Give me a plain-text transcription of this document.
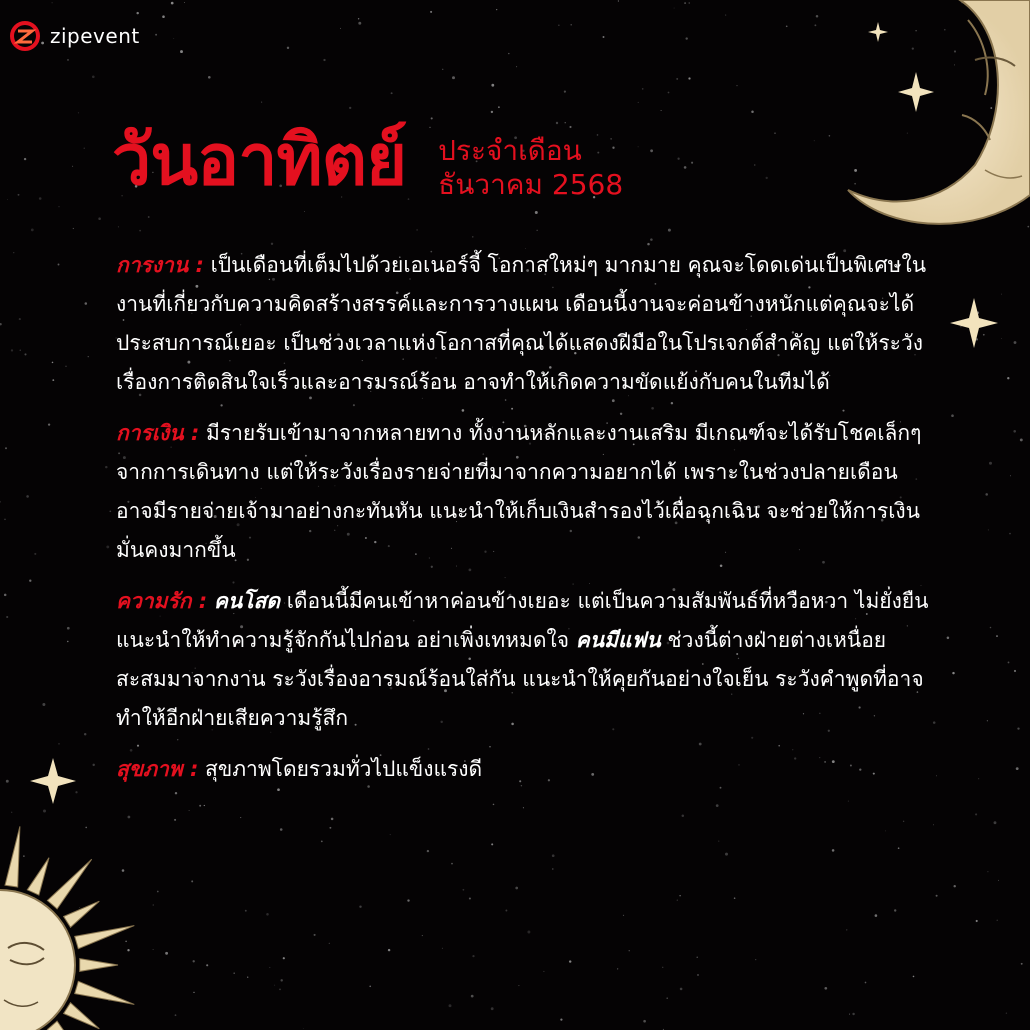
zipevent
วันอาทิตย์ ประจำเดือน
ธันวาคม 2568

การงาน : เป็นเดือนที่เต็มไปด้วยเอเนอร์จี้ โอกาสใหม่ๆ มากมาย คุณจะโดดเด่นเป็นพิเศษในงานที่เกี่ยวกับความคิดสร้างสรรค์และการวางแผน เดือนนี้งานจะค่อนข้างหนักแต่คุณจะได้ประสบการณ์เยอะ เป็นช่วงเวลาแห่งโอกาสที่คุณได้แสดงฝีมือในโปรเจกต์สำคัญ แต่ให้ระวังเรื่องการติดสินใจเร็วและอารมรณ์ร้อน อาจทำให้เกิดความขัดแย้งกับคนในทีมได้

การเงิน : มีรายรับเข้ามาจากหลายทาง ทั้งงานหลักและงานเสริม มีเกณฑ์จะได้รับโชคเล็กๆ จากการเดินทาง แต่ให้ระวังเรื่องรายจ่ายที่มาจากความอยากได้ เพราะในช่วงปลายเดือนอาจมีรายจ่ายเจ้ามาอย่างกะทันหัน แนะนำให้เก็บเงินสำรองไว้เผื่อฉุกเฉิน จะช่วยให้การเงินมั่นคงมากขึ้น

ความรัก : คนโสด เดือนนี้มีคนเข้าหาค่อนข้างเยอะ แต่เป็นความสัมพันธ์ที่หวือหวา ไม่ยั่งยืน แนะนำให้ทำความรู้จักกันไปก่อน อย่าเพิ่งเทหมดใจ คนมีแฟน ช่วงนี้ต่างฝ่ายต่างเหนื่อยสะสมมาจากงาน ระวังเรื่องอารมณ์ร้อนใส่กัน แนะนำให้คุยกันอย่างใจเย็น ระวังคำพูดที่อาจทำให้อีกฝ่ายเสียความรู้สึก

สุขภาพ : สุขภาพโดยรวมทั่วไปแข็งแรงดี
